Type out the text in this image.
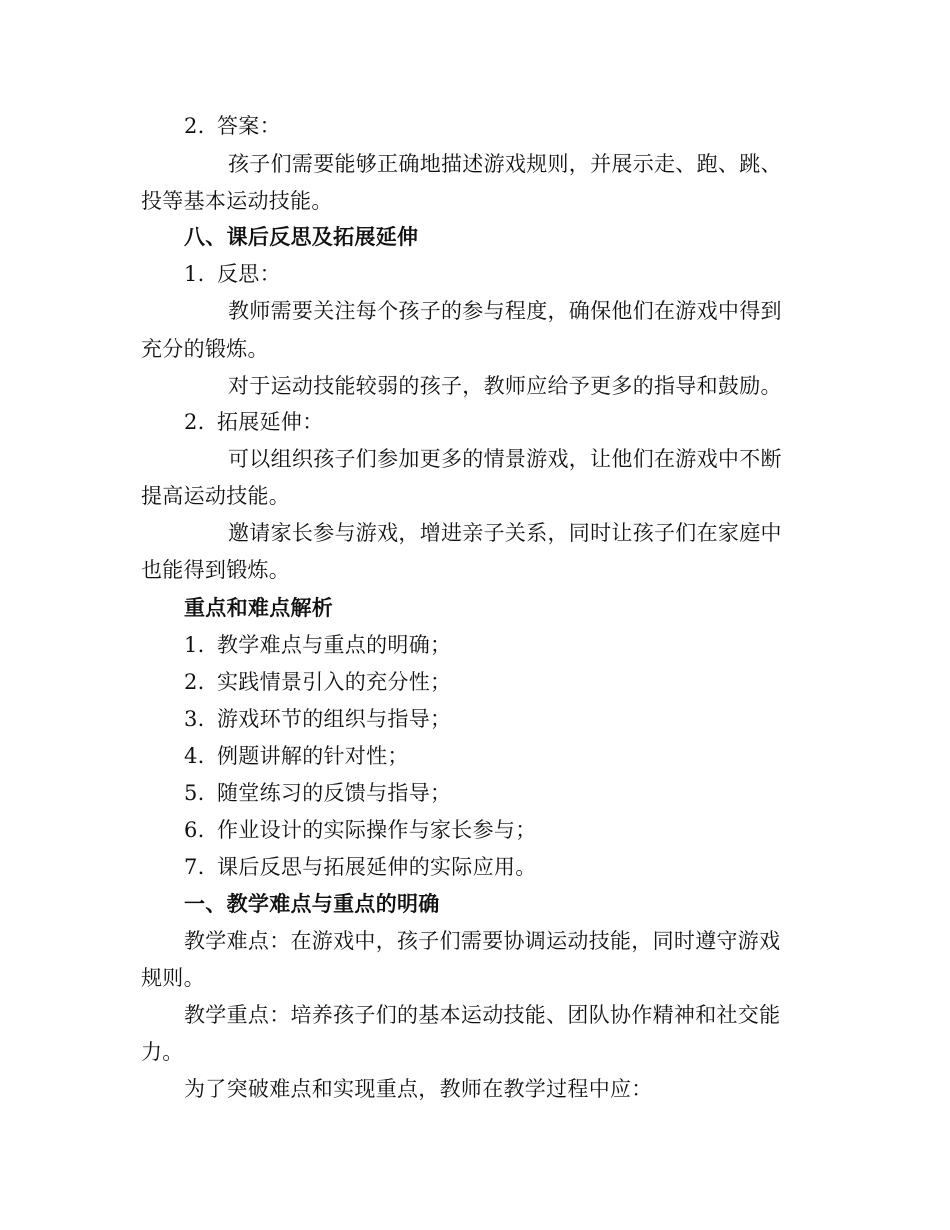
2. 答案：
孩子们需要能够正确地描述游戏规则，并展示走、跑、跳、
投等基本运动技能。
八、课后反思及拓展延伸
1. 反思：
教师需要关注每个孩子的参与程度，确保他们在游戏中得到
充分的锻炼。
对于运动技能较弱的孩子，教师应给予更多的指导和鼓励。
2. 拓展延伸：
可以组织孩子们参加更多的情景游戏，让他们在游戏中不断
提高运动技能。
邀请家长参与游戏，增进亲子关系，同时让孩子们在家庭中
也能得到锻炼。
重点和难点解析
1. 教学难点与重点的明确；
2. 实践情景引入的充分性；
3. 游戏环节的组织与指导；
4. 例题讲解的针对性；
5. 随堂练习的反馈与指导；
6. 作业设计的实际操作与家长参与；
7. 课后反思与拓展延伸的实际应用。
一、教学难点与重点的明确
教学难点：在游戏中，孩子们需要协调运动技能，同时遵守游戏
规则。
教学重点：培养孩子们的基本运动技能、团队协作精神和社交能
力。
为了突破难点和实现重点，教师在教学过程中应：
